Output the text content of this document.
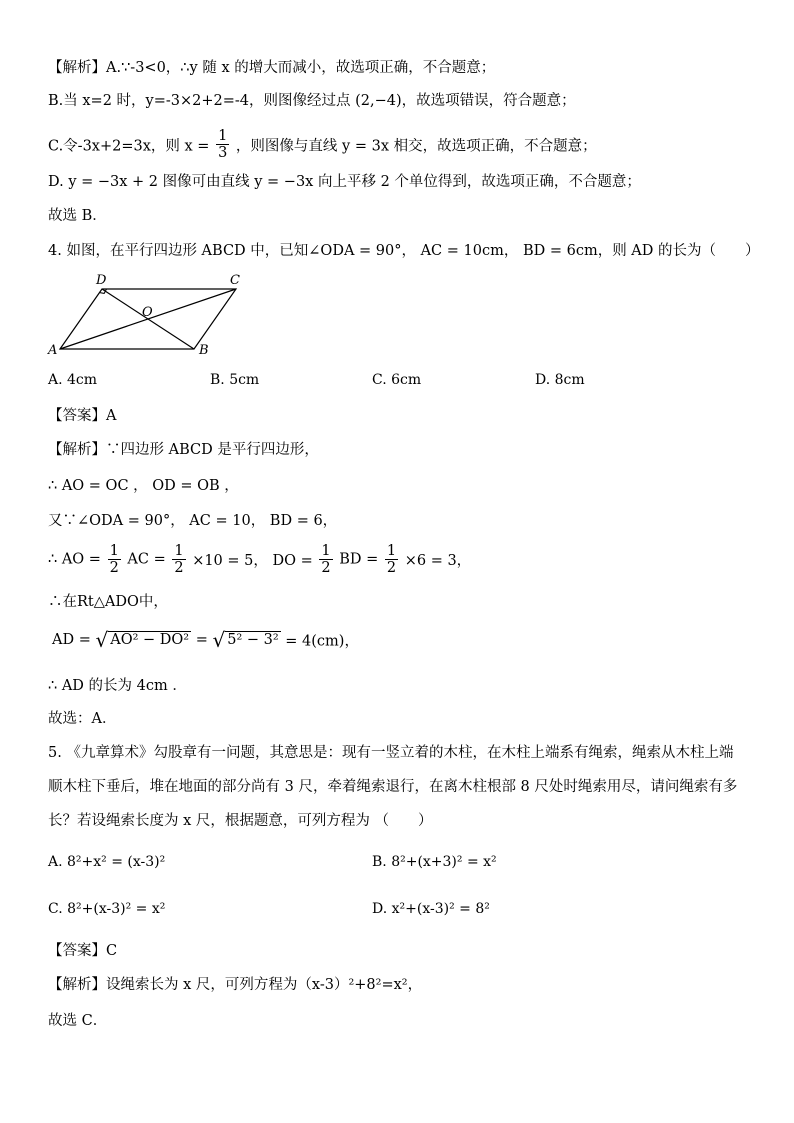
【解析】A.∵-3<0，∴y 随 x 的增大而减小，故选项正确，不合题意；
B.当 x=2 时，y=-3×2+2=-4，则图像经过点 (2,−4)，故选项错误，符合题意；
C.令-3x+2=3x，则 $x = \frac{1}{3}$ ，则图像与直线 y = 3x 相交，故选项正确，不合题意；
D. y = −3x + 2 图像可由直线 y = −3x 向上平移 2 个单位得到，故选项正确，不合题意；
故选 B．
4. 如图，在平行四边形 ABCD 中，已知∠ODA = 90°， AC = 10cm， BD = 6cm，则 AD 的长为（　　）
A	B
C
D
O
A. 4cm	B. 5cm	C. 6cm	D. 8cm
【答案】A
【解析】∵四边形 ABCD 是平行四边形，
∴ AO = OC ， OD = OB ，
又∵∠ODA = 90°， AC = 10， BD = 6，
∴ AO = $\frac{1}{2}$ AC = $\frac{1}{2} \times 10 = 5$， DO = $\frac{1}{2}$ BD = $\frac{1}{2} \times 6 = 3$，
∴在Rt△ADO中，
AD = √ AO² − DO² = √ 5² − 3² = 4(cm)，
∴ AD 的长为 4cm ．
故选：A．
5. 《九章算术》勾股章有一问题，其意思是：现有一竖立着的木柱，在木柱上端系有绳索，绳索从木柱上端顺木柱下垂后，堆在地面的部分尚有 3 尺，牵着绳索退行，在离木柱根部 8 尺处时绳索用尽，请问绳索有多长？若设绳索长度为 x 尺，根据题意，可列方程为 （　　）
A. 8²+x² = (x-3)²	B. 8²+(x+3)² = x²
C. 8²+(x-3)² = x²	D. x²+(x-3)² = 8²
【答案】C
【解析】设绳索长为 x 尺，可列方程为（x-3）²+8²=x²，
故选 C．
